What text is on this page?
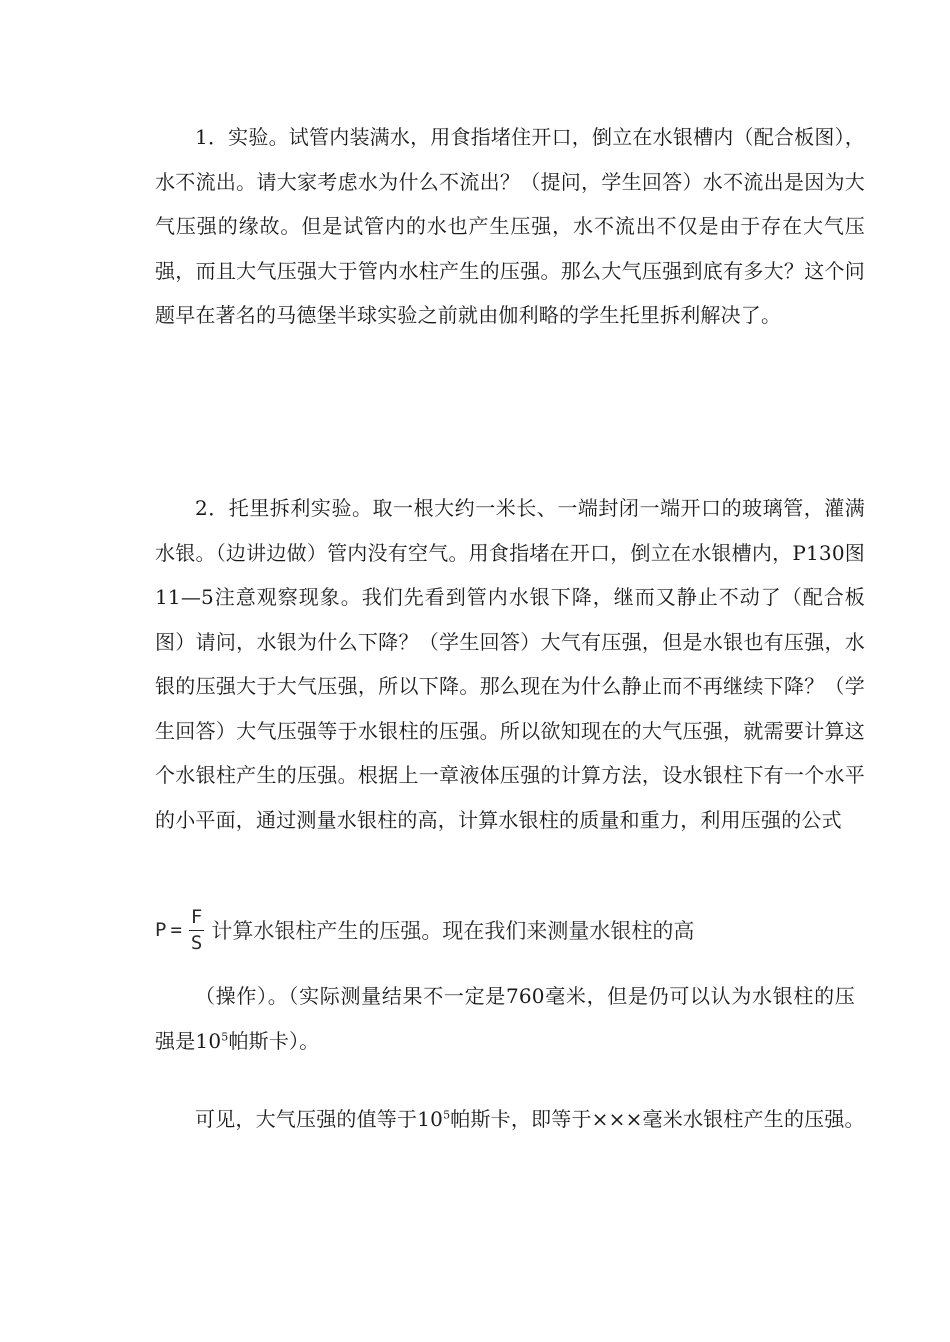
1．实验。试管内装满水，用食指堵住开口，倒立在水银槽内（配合板图），水不流出。请大家考虑水为什么不流出？（提问，学生回答）水不流出是因为大气压强的缘故。但是试管内的水也产生压强，水不流出不仅是由于存在大气压强，而且大气压强大于管内水柱产生的压强。那么大气压强到底有多大？这个问题早在著名的马德堡半球实验之前就由伽利略的学生托里拆利解决了。

2．托里拆利实验。取一根大约一米长、一端封闭一端开口的玻璃管，灌满水银。（边讲边做）管内没有空气。用食指堵在开口，倒立在水银槽内，P130图11—5注意观察现象。我们先看到管内水银下降，继而又静止不动了（配合板图）请问，水银为什么下降？（学生回答）大气有压强，但是水银也有压强，水银的压强大于大气压强，所以下降。那么现在为什么静止而不再继续下降？（学生回答）大气压强等于水银柱的压强。所以欲知现在的大气压强，就需要计算这个水银柱产生的压强。根据上一章液体压强的计算方法，设水银柱下有一个水平的小平面，通过测量水银柱的高，计算水银柱的质量和重力，利用压强的公式

$P = \frac{F}{S}$ 计算水银柱产生的压强。现在我们来测量水银柱的高

（操作）。（实际测量结果不一定是760毫米，但是仍可以认为水银柱的压强是$10^5$帕斯卡）。

可见，大气压强的值等于$10^5$帕斯卡，即等于×××毫米水银柱产生的压强。
